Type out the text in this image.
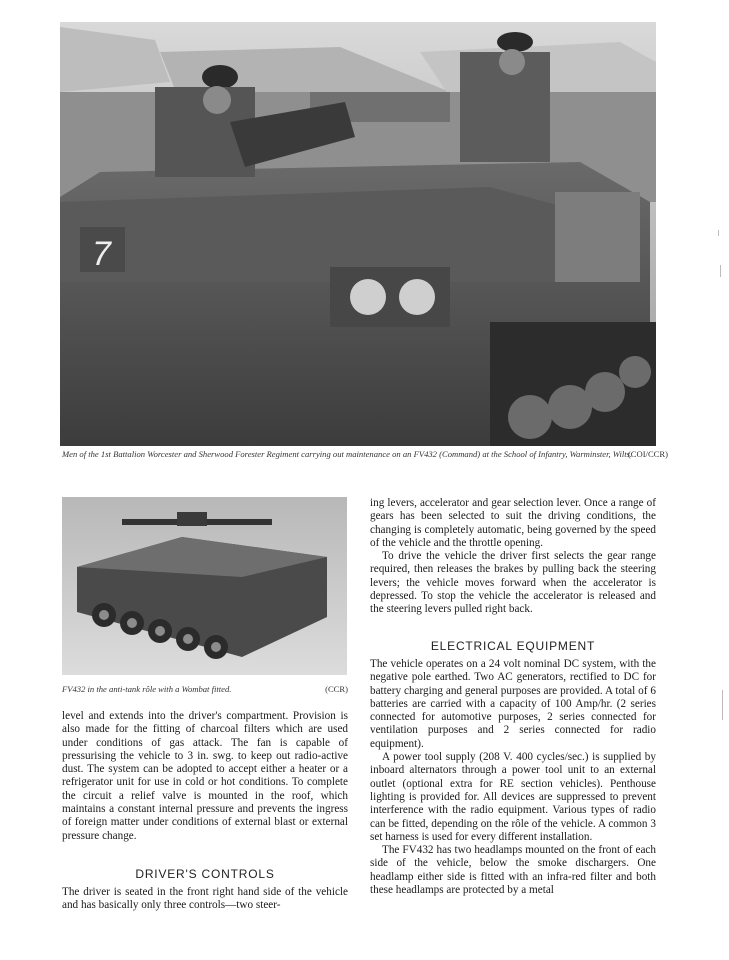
7
Men of the 1st Battalion Worcester and Sherwood Forester Regiment carrying out maintenance on an FV432 (Command) at the School of Infantry, Warminster, Wilts.
(COI/CCR)
FV432 in the anti-tank rôle with a Wombat fitted.	(CCR)

level and extends into the driver's compartment. Provision is also made for the fitting of charcoal filters which are used under conditions of gas attack. The fan is capable of pressurising the vehicle to 3 in. swg. to keep out radio-active dust. The system can be adopted to accept either a heater or a refrigerator unit for use in cold or hot conditions. To complete the circuit a relief valve is mounted in the roof, which maintains a constant internal pressure and prevents the ingress of foreign matter under conditions of external blast or external pressure change.

DRIVER'S CONTROLS

The driver is seated in the front right hand side of the vehicle and has basically only three controls—two steer-

ing levers, accelerator and gear selection lever. Once a range of gears has been selected to suit the driving conditions, the changing is completely automatic, being governed by the speed of the vehicle and the throttle opening.

To drive the vehicle the driver first selects the gear range required, then releases the brakes by pulling back the steering levers; the vehicle moves forward when the accelerator is depressed. To stop the vehicle the accelerator is released and the steering levers pulled right back.

ELECTRICAL EQUIPMENT

The vehicle operates on a 24 volt nominal DC system, with the negative pole earthed. Two AC generators, rectified to DC for battery charging and general purposes are provided. A total of 6 batteries are carried with a capacity of 100 Amp/hr. (2 series connected for automotive purposes, 2 series connected for ventilation purposes and 2 series connected for radio equipment).

A power tool supply (208 V. 400 cycles/sec.) is supplied by inboard alternators through a power tool unit to an external outlet (optional extra for RE section vehicles). Penthouse lighting is provided for. All devices are suppressed to prevent interference with the radio equipment. Various types of radio can be fitted, depending on the rôle of the vehicle. A common 3 set harness is used for every different installation.

The FV432 has two headlamps mounted on the front of each side of the vehicle, below the smoke dischargers. One headlamp either side is fitted with an infra-red filter and both these headlamps are protected by a metal
